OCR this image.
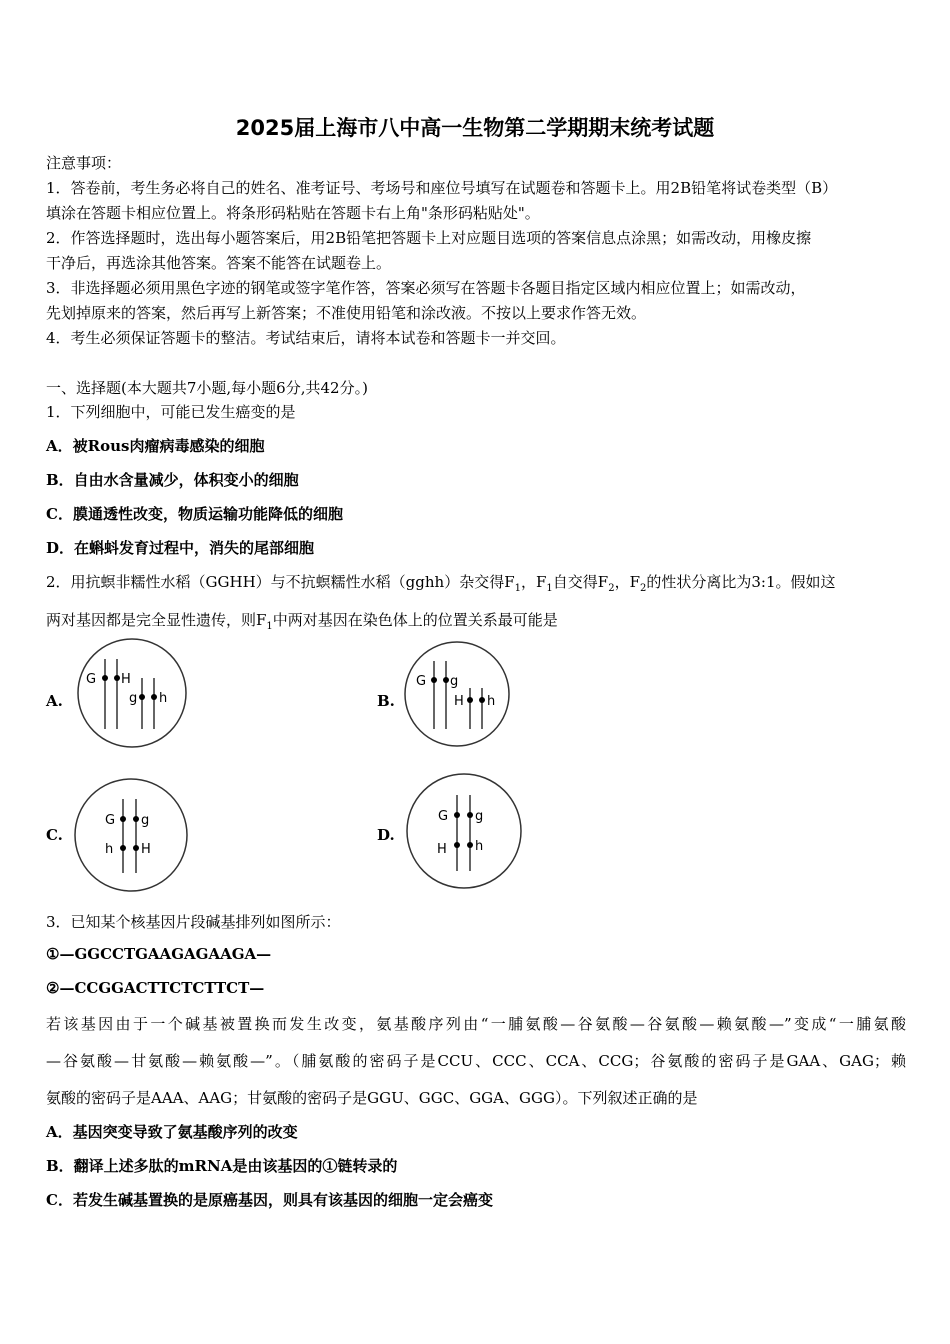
2025届上海市八中高一生物第二学期期末统考试题
注意事项：
1．答卷前，考生务必将自己的姓名、准考证号、考场号和座位号填写在试题卷和答题卡上。用2B铅笔将试卷类型（B）
填涂在答题卡相应位置上。将条形码粘贴在答题卡右上角"条形码粘贴处"。
2．作答选择题时，选出每小题答案后，用2B铅笔把答题卡上对应题目选项的答案信息点涂黑；如需改动，用橡皮擦
干净后，再选涂其他答案。答案不能答在试题卷上。
3．非选择题必须用黑色字迹的钢笔或签字笔作答，答案必须写在答题卡各题目指定区域内相应位置上；如需改动，
先划掉原来的答案，然后再写上新答案；不准使用铅笔和涂改液。不按以上要求作答无效。
4．考生必须保证答题卡的整洁。考试结束后，请将本试卷和答题卡一并交回。
一、选择题(本大题共7小题,每小题6分,共42分。)
1．下列细胞中，可能已发生癌变的是
A．被Rous肉瘤病毒感染的细胞
B．自由水含量减少，体积变小的细胞
C．膜通透性改变，物质运输功能降低的细胞
D．在蝌蚪发育过程中，消失的尾部细胞
2．用抗螟非糯性水稻（GGHH）与不抗螟糯性水稻（gghh）杂交得$F_1$，$F_1$自交得$F_2$，$F_2$的性状分离比为3:1。假如这
两对基因都是完全显性遗传，则$F_1$中两对基因在染色体上的位置关系最可能是
A.
G H
g h	B.
G g
H h
C.
G g
h H
D.
G g
H h
3．已知某个核基因片段碱基排列如图所示：
①—GGCCTGAAGAGAAGA—
②—CCGGACTTCTCTTCT—
若该基因由于一个碱基被置换而发生改变，氨基酸序列由“一脯氨酸—谷氨酸—谷氨酸—赖氨酸—”变成“一脯氨酸
—谷氨酸—甘氨酸—赖氨酸—”。（脯氨酸的密码子是CCU、CCC、CCA、CCG；谷氨酸的密码子是GAA、GAG；赖
氨酸的密码子是AAA、AAG；甘氨酸的密码子是GGU、GGC、GGA、GGG）。下列叙述正确的是
A．基因突变导致了氨基酸序列的改变
B．翻译上述多肽的mRNA是由该基因的①链转录的
C．若发生碱基置换的是原癌基因，则具有该基因的细胞一定会癌变
